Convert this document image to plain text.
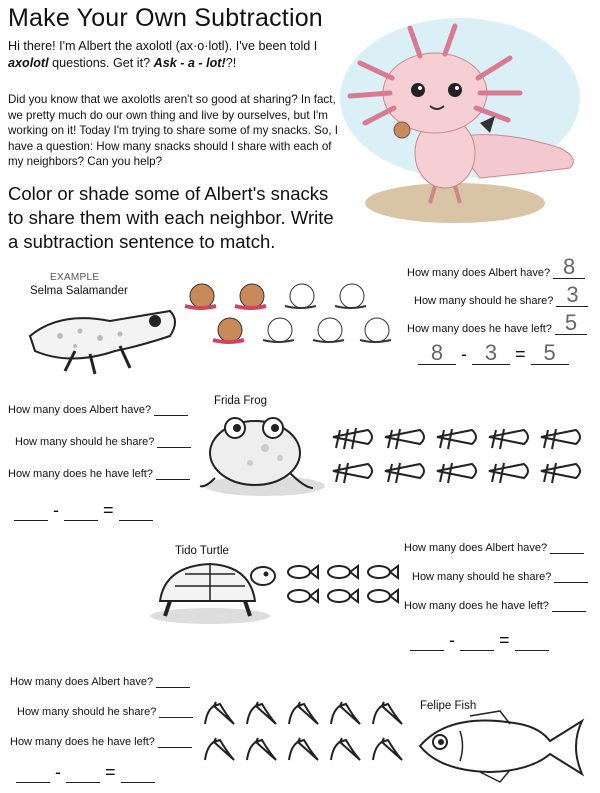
Make Your Own Subtraction
Hi there! I'm Albert the axolotl (ax·o·lotl). I've been told I axolotl questions. Get it? Ask - a - lot!?!
Did you know that we axolotls aren't so good at sharing? In fact, we pretty much do our own thing and live by ourselves, but I'm working on it! Today I'm trying to share some of my snacks. So, I have a question: How many snacks should I share with each of my neighbors? Can you help?
Color or shade some of Albert's snacks to share them with each neighbor. Write a subtraction sentence to match.
EXAMPLE
Selma Salamander
How many does Albert have? 8
How many should he share? 3
How many does he have left? 5
8 - 3 = 5
How many does Albert have?
How many should he share?
How many does he have left?
- =
Frida Frog
Tido Turtle	How many does Albert have?
How many should he share?
How many does he have left?
- =
How many does Albert have?
How many should he share?
How many does he have left?
- =
Felipe Fish
